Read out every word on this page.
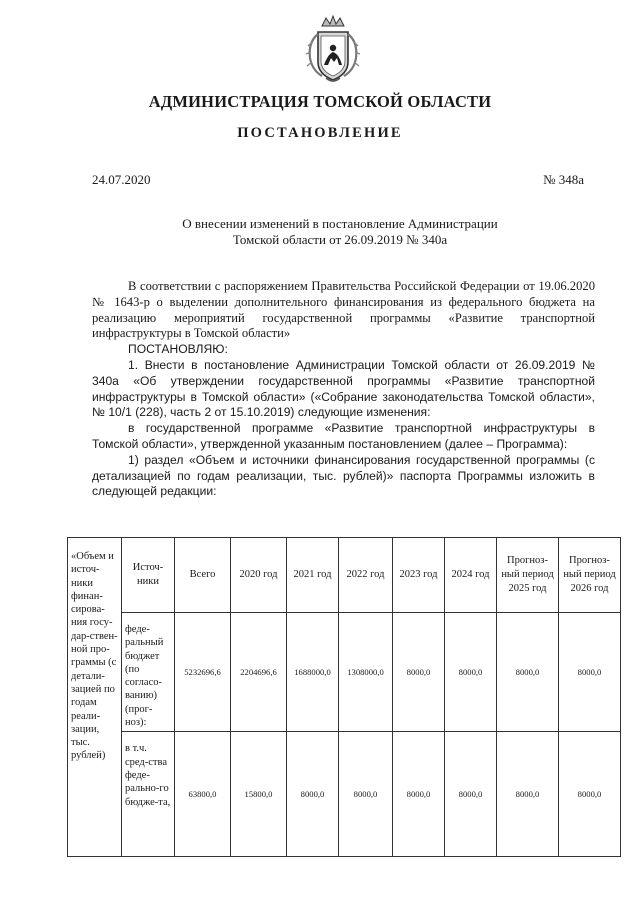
АДМИНИСТРАЦИЯ ТОМСКОЙ ОБЛАСТИ
ПОСТАНОВЛЕНИЕ
24.07.2020	№ 348а
О внесении изменений в постановление Администрации
Томской области от 26.09.2019 № 340а

В соответствии с распоряжением Правительства Российской Федерации от 19.06.2020 № 1643-р о выделении дополнительного финансирования из федерального бюджета на реализацию мероприятий государственной программы «Развитие транспортной инфраструктуры в Томской области»

ПОСТАНОВЛЯЮ:

1. Внести в постановление Администрации Томской области от 26.09.2019 № 340а «Об утверждении государственной программы «Развитие транспортной инфраструктуры в Томской области» («Собрание законодательства Томской области», № 10/1 (228), часть 2 от 15.10.2019) следующие изменения:

в государственной программе «Развитие транспортной инфраструктуры в Томской области», утвержденной указанным постановлением (далее – Программа):

1) раздел «Объем и источники финансирования государственной программы (с детализацией по годам реализации, тыс. рублей)» паспорта Программы изложить в следующей редакции:

«Объем и источ-ники финан-сирова-ния госу-дар-ствен-ной про-граммы (с детали-зацией по годам реали-зации, тыс. рублей)	Источ-ники	Всего	2020 год	2021 год	2022 год	2023 год	2024 год	Прогноз-ный период 2025 год	Прогноз-ный период 2026 год
	феде-ральный бюджет (по согласо-ванию) (прог-ноз):	5232696,6	2204696,6	1688000,0	1308000,0	8000,0	8000,0	8000,0	8000,0
	в т.ч. сред-ства феде-рально-го бюдже-та,	63800,0	15800,0	8000,0	8000,0	8000,0	8000,0	8000,0	8000,0
